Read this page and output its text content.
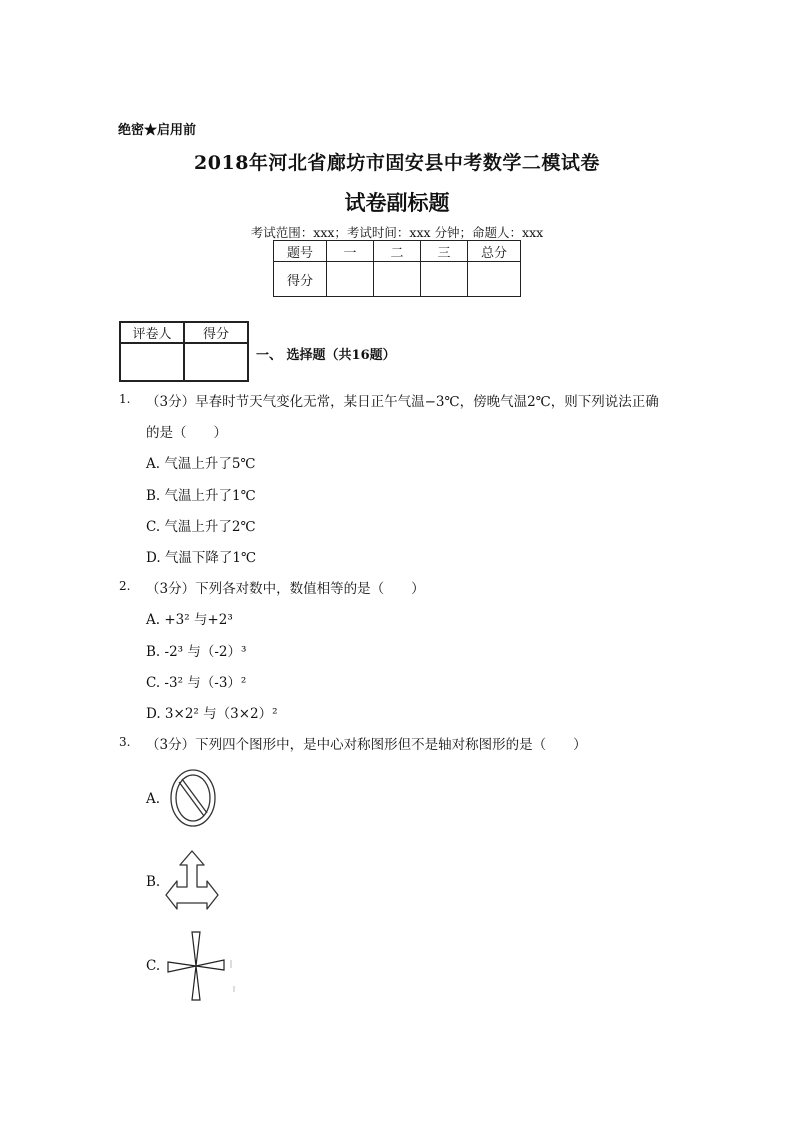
绝密★启用前
2018年河北省廊坊市固安县中考数学二模试卷
试卷副标题
考试范围：xxx；考试时间：xxx 分钟；命题人：xxx
题号	一	二	三	总分
得分				
评卷人	得分

一、 选择题（共16题）
1. （3分）早春时节天气变化无常，某日正午气温−3℃，傍晚气温2℃，则下列说法正确
的是（　　）
A. 气温上升了5℃
B. 气温上升了1℃
C. 气温上升了2℃
D. 气温下降了1℃
2. （3分）下列各对数中，数值相等的是（　　）
A. +3² 与+2³
B. -2³ 与（-2）³
C. -3² 与（-3）²
D. 3×2² 与（3×2）²
3. （3分）下列四个图形中，是中心对称图形但不是轴对称图形的是（　　）
A.
B.
C.
